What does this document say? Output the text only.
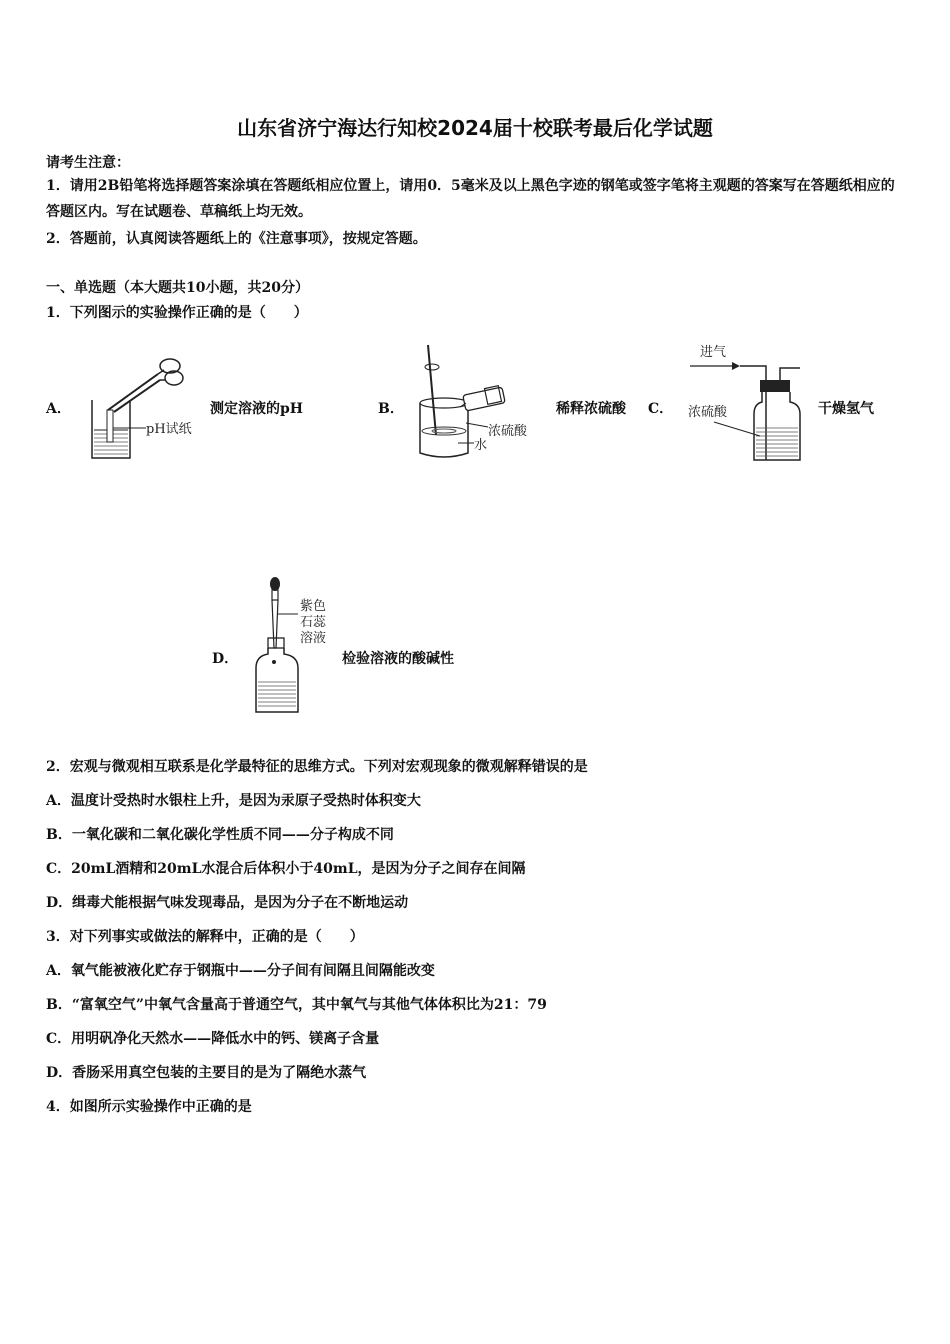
山东省济宁海达行知校2024届十校联考最后化学试题
请考生注意：
1．请用2B铅笔将选择题答案涂填在答题纸相应位置上，请用0．5毫米及以上黑色字迹的钢笔或签字笔将主观题的答案写在答题纸相应的答题区内。写在试题卷、草稿纸上均无效。
2．答题前，认真阅读答题纸上的《注意事项》，按规定答题。
一、单选题（本大题共10小题，共20分）
1．下列图示的实验操作正确的是（　　）
A．
pH试纸
测定溶液的pH	B．
浓硫酸
水
稀释浓硫酸 C．
进气
浓硫酸	干燥氢气
D．
紫色
石蕊
溶液
检验溶液的酸碱性
2．宏观与微观相互联系是化学最特征的思维方式。下列对宏观现象的微观解释错误的是
A．温度计受热时水银柱上升，是因为汞原子受热时体积变大
B．一氧化碳和二氧化碳化学性质不同——分子构成不同
C．20mL酒精和20mL水混合后体积小于40mL，是因为分子之间存在间隔
D．缉毒犬能根据气味发现毒品，是因为分子在不断地运动
3．对下列事实或做法的解释中，正确的是（　　）
A．氧气能被液化贮存于钢瓶中——分子间有间隔且间隔能改变
B．“富氧空气”中氧气含量高于普通空气，其中氧气与其他气体体积比为21：79
C．用明矾净化天然水——降低水中的钙、镁离子含量
D．香肠采用真空包装的主要目的是为了隔绝水蒸气
4．如图所示实验操作中正确的是
